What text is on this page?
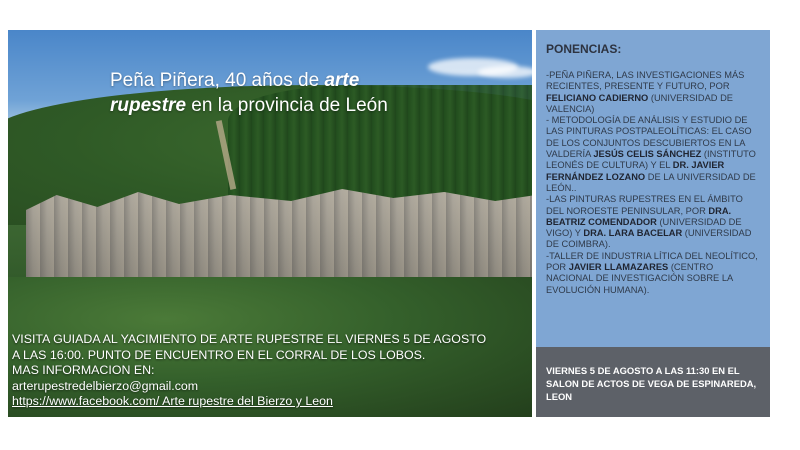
Peña Piñera, 40 años de arte
rupestre en la provincia de León
VISITA GUIADA AL YACIMIENTO DE ARTE RUPESTRE EL VIERNES 5 DE AGOSTO
A LAS 16:00. PUNTO DE ENCUENTRO EN EL CORRAL DE LOS LOBOS.
MAS INFORMACION EN:
arterupestredelbierzo@gmail.com
https://www.facebook.com/ Arte rupestre del Bierzo y Leon
PONENCIAS:

-PEÑA PIÑERA, LAS INVESTIGACIONES MÁS RECIENTES, PRESENTE Y FUTURO, POR FELICIANO CADIERNO (UNIVERSIDAD DE VALENCIA)

- METODOLOGÍA DE ANÁLISIS Y ESTUDIO DE LAS PINTURAS POSTPALEOLÍTICAS: EL CASO DE LOS CONJUNTOS DESCUBIERTOS EN LA VALDERÍA JESÚS CELIS SÁNCHEZ (INSTITUTO LEONÉS DE CULTURA) Y EL DR. JAVIER FERNÁNDEZ LOZANO DE LA UNIVERSIDAD DE LEÓN..

-LAS PINTURAS RUPESTRES EN EL ÁMBITO DEL NOROESTE PENINSULAR, POR DRA. BEATRIZ COMENDADOR (UNIVERSIDAD DE VIGO) Y DRA. LARA BACELAR (UNIVERSIDAD DE COIMBRA).

-TALLER DE INDUSTRIA LÍTICA DEL NEOLÍTICO, POR JAVIER LLAMAZARES (CENTRO NACIONAL DE INVESTIGACIÓN SOBRE LA EVOLUCIÓN HUMANA).

VIERNES 5 DE AGOSTO A LAS 11:30 EN EL SALON DE ACTOS DE VEGA DE ESPINAREDA, LEON
